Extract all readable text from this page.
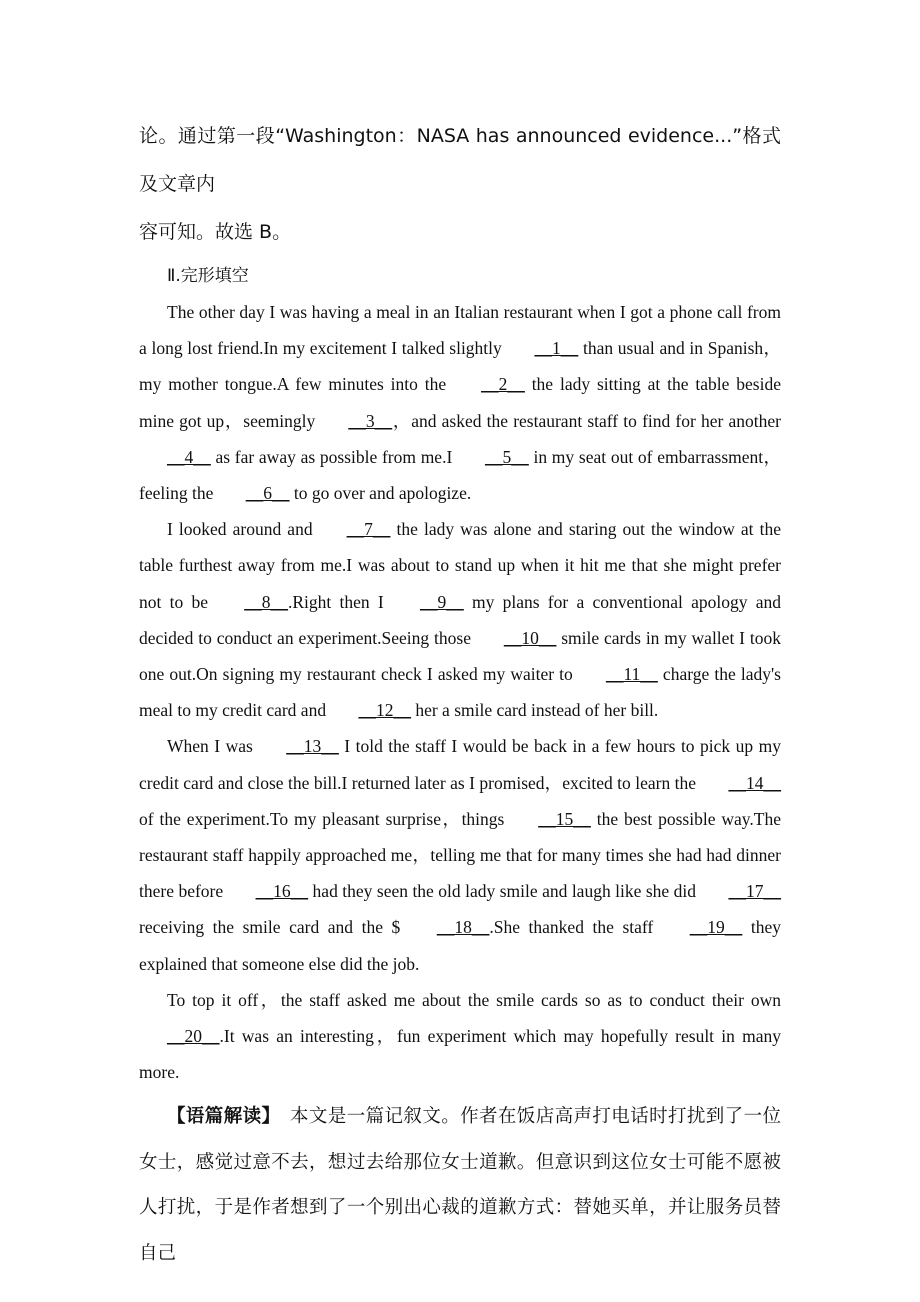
论。通过第一段“Washington：NASA has announced evidence...”格式及文章内

容可知。故选 B。

Ⅱ.完形填空

The other day I was having a meal in an Italian restaurant when I got a phone call from a long lost friend.In my excitement I talked slightly __1__ than usual and in Spanish，my mother tongue.A few minutes into the __2__ the lady sitting at the table beside mine got up，seemingly __3__，and asked the restaurant staff to find for her another __4__ as far away as possible from me.I __5__ in my seat out of embarrassment，feeling the __6__ to go over and apologize.

I looked around and __7__ the lady was alone and staring out the window at the table furthest away from me.I was about to stand up when it hit me that she might prefer not to be __8__.Right then I __9__ my plans for a conventional apology and decided to conduct an experiment.Seeing those __10__ smile cards in my wallet I took one out.On signing my restaurant check I asked my waiter to __11__ charge the lady's meal to my credit card and __12__ her a smile card instead of her bill.

When I was __13__ I told the staff I would be back in a few hours to pick up my credit card and close the bill.I returned later as I promised，excited to learn the __14__ of the experiment.To my pleasant surprise，things __15__ the best possible way.The restaurant staff happily approached me，telling me that for many times she had had dinner there before __16__ had they seen the old lady smile and laugh like she did __17__ receiving the smile card and the $ __18__.She thanked the staff __19__ they explained that someone else did the job.

To top it off，the staff asked me about the smile cards so as to conduct their own __20__.It was an interesting，fun experiment which may hopefully result in many more.

【语篇解读】　本文是一篇记叙文。作者在饭店高声打电话时打扰到了一位女士，感觉过意不去，想过去给那位女士道歉。但意识到这位女士可能不愿被人打扰，于是作者想到了一个别出心裁的道歉方式：替她买单，并让服务员替自己
